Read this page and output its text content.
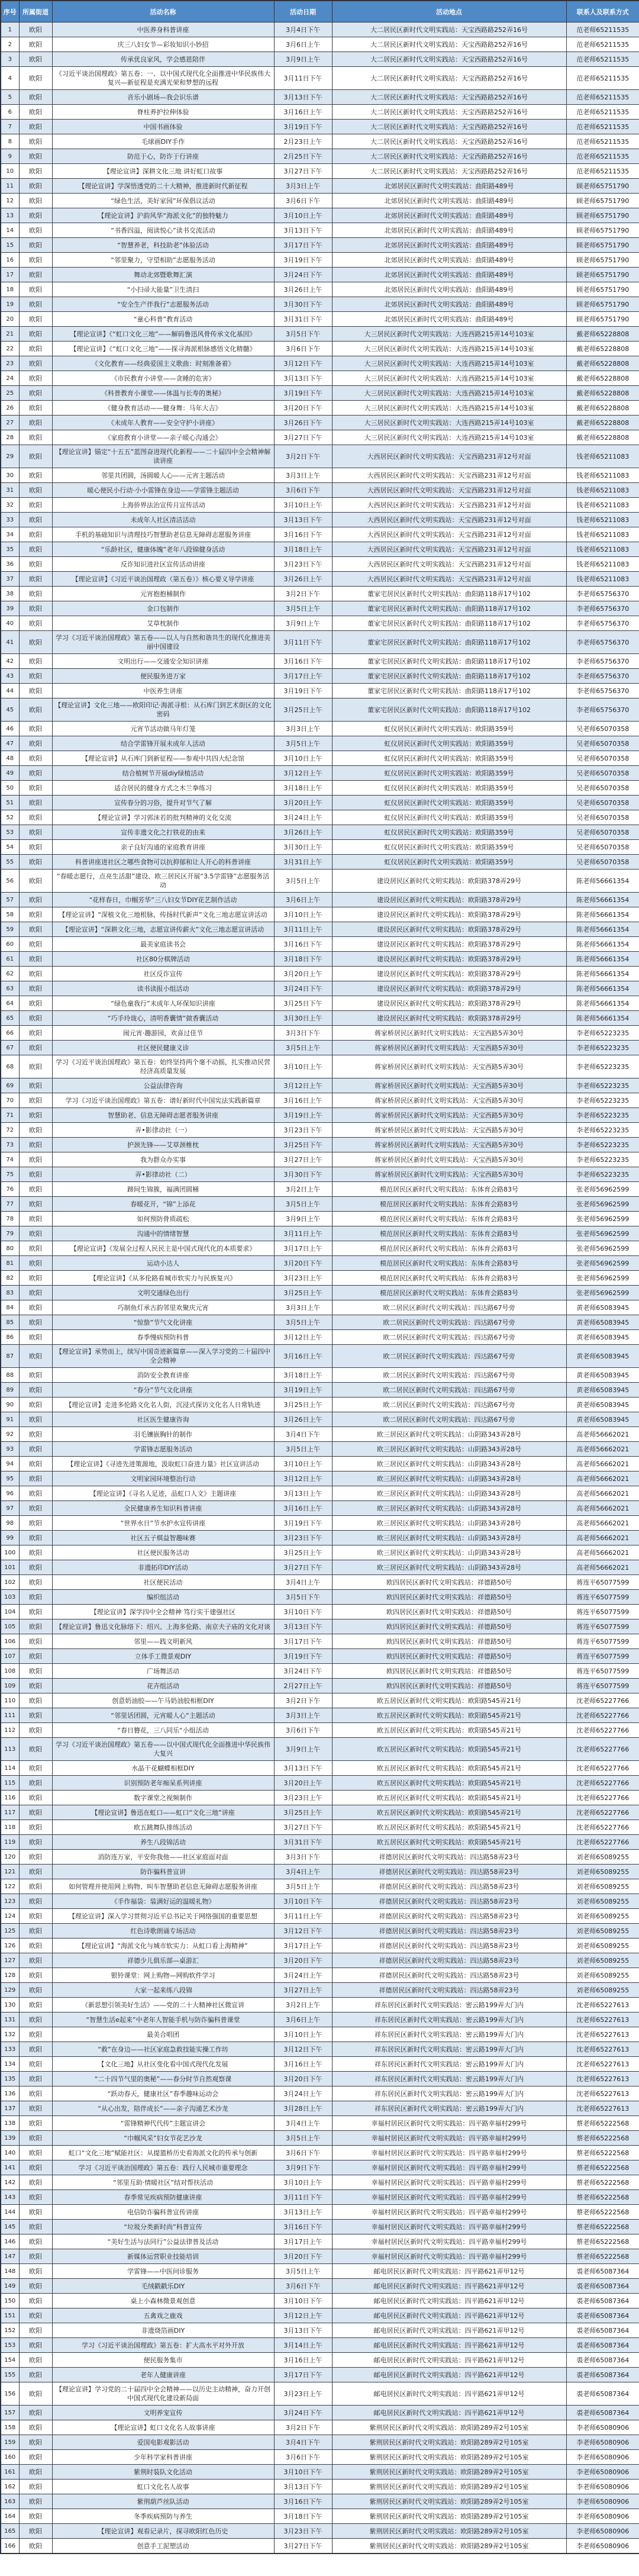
序号	所属街道	活动名称	活动日期	活动地点	联系人及联系方式
1	欧阳	中医养身科普讲座	3月4日下午	大二居民区新时代文明实践站：天宝西路路252弄16号	范老师65211535
2	欧阳	庆三八妇女节—彩妆知识小妙招	3月6日上午	大二居民区新时代文明实践站：天宝西路路252弄16号	范老师65211535
3	欧阳	传承优良家风，学会感恩陪伴	3月9日上午	大二居民区新时代文明实践站：天宝西路路252弄16号	范老师65211535
4	欧阳	《习近平谈治国理政》第五卷：一、以中国式现代化全面推进中华民族伟大复兴—新征程是充满光荣和梦想的远程	3月11日下午	大二居民区新时代文明实践站：天宝西路路252弄16号	范老师65211535
5	欧阳	音乐小剧场—我会识乐谱	3月13日下午	大二居民区新时代文明实践站：天宝西路路252弄16号	范老师65211535
6	欧阳	脊柱养护拉伸体验	3月16日上午	大二居民区新时代文明实践站：天宝西路路252弄16号	范老师65211535
7	欧阳	中国书画体验	3月19日下午	大二居民区新时代文明实践站：天宝西路路252弄16号	范老师65211535
8	欧阳	毛球画DIY手作	2月23日上午	大二居民区新时代文明实践站：天宝西路路252弄16号	范老师65211535
9	欧阳	防范于心，防诈于行讲座	2月25日下午	大二居民区新时代文明实践站：天宝西路路252弄16号	范老师65211535
10	欧阳	【理论宣讲】深耕文化三地 讲好虹口故事	3月27日下午	大二居民区新时代文明实践站：天宝西路路252弄16号	范老师65211535
11	欧阳	【理论宣讲】学深悟透党的二十大精神，推进新时代新征程	3月3日上午	北郊居民区新时代文明实践站：曲阳路489号	顾老师65751790
12	欧阳	“绿色生活，美好家园”环保倡议活动	3月6日下午	北郊居民区新时代文明实践站：曲阳路489号	顾老师65751790
13	欧阳	【理论宣讲】沪韵风华“海派文化”的独特魅力	3月10日上午	北郊居民区新时代文明实践站：曲阳路489号	顾老师65751790
14	欧阳	“书香四溢，阅读悦心”读书交流活动	3月13日下午	北郊居民区新时代文明实践站：曲阳路489号	顾老师65751790
15	欧阳	“智慧养老，科技助老”体验活动	3月17日下午	北郊居民区新时代文明实践站：曲阳路489号	顾老师65751790
16	欧阳	“邻里聚力，守望相助”志愿服务活动	3月19日下午	北郊居民区新时代文明实践站：曲阳路489号	顾老师65751790
17	欧阳	舞动北郊暨歌舞汇演	3月24日下午	北郊居民区新时代文明实践站：曲阳路489号	顾老师65751790
18	欧阳	“小扫帚大能量”卫生清扫	3月26日上午	北郊居民区新时代文明实践站：曲阳路489号	顾老师65751790
19	欧阳	“安全生产伴我行”志愿服务活动	3月30日下午	北郊居民区新时代文明实践站：曲阳路489号	顾老师65751790
20	欧阳	“童心科普”教育活动	3月31日下午	北郊居民区新时代文明实践站：曲阳路489号	顾老师65751790
21	欧阳	【理论宣讲】《“虹口文化三地”——解码鲁迅风骨传承文化基因》	3月5日下午	大三居民区新时代文明实践站：大连西路215弄14号103室	戴老师65228808
22	欧阳	【理论宣讲】《“虹口文化三地”——探寻海派根脉感悟文化精髓》	3月6日下午	大三居民区新时代文明实践站：大连西路215弄14号103室	戴老师65228808
23	欧阳	《文化教育——经典爱国主义歌曲：时刻准备着》	3月12日下午	大三居民区新时代文明实践站：大连西路215弄14号103室	戴老师65228808
24	欧阳	《市民教育小讲堂——贪睡的危害》	3月13日下午	大三居民区新时代文明实践站：大连西路215弄14号103室	戴老师65228808
25	欧阳	《科普教育小课堂——体温与长寿的奥秘》	3月19日下午	大三居民区新时代文明实践站：大连西路215弄14号103室	戴老师65228808
26	欧阳	《健身教育活动——健身舞：马年大吉》	3月20日下午	大三居民区新时代文明实践站：大连西路215弄14号103室	戴老师65228808
27	欧阳	《未成年人教育——安全守护小讲座》	3月26日下午	大三居民区新时代文明实践站：大连西路215弄14号103室	戴老师65228808
28	欧阳	《家庭教育小讲堂——亲子暖心沟通会》	3月27日下午	大三居民区新时代文明实践站：大连西路215弄14号103室	戴老师65228808
29	欧阳	【理论宣讲】锚定“十五五”蓝图奋进现代化新程——二十届四中全会精神解读讲座	3月2日下午	大西居民区新时代文明实践站：天宝西路231弄12号对面	钱老师65211083
30	欧阳	邻里共团圆，汤圆暖人心——元宵主题活动	3月3日上午	大西居民区新时代文明实践站：天宝西路231弄12号对面	钱老师65211083
31	欧阳	暖心便民小行动·小小雷锋在身边——学雷锋主题活动	3月6日下午	大西居民区新时代文明实践站：天宝西路231弄12号对面	钱老师65211083
32	欧阳	上海侨界法治宣传月宣传活动	3月10日上午	大西居民区新时代文明实践站：天宝西路231弄12号对面	钱老师65211083
33	欧阳	未成年人社区清洁活动	3月13日下午	大西居民区新时代文明实践站：天宝西路231弄12号对面	钱老师65211083
34	欧阳	手机的基础知识与清理技巧智慧助老信息无障碍志愿服务讲座	3月16日下午	大西居民区新时代文明实践站：天宝西路231弄12号对面	钱老师65211083
35	欧阳	“乐龄社区，健康体魄”老年八段锦健身活动	3月18日上午	大西居民区新时代文明实践站：天宝西路231弄12号对面	钱老师65211083
36	欧阳	反诈知识进社区宣传活动讲座	3月23日下午	大西居民区新时代文明实践站：天宝西路231弄12号对面	钱老师65211083
37	欧阳	【理论宣讲】《习近平谈治国理政（第五卷）》核心要义导学讲座	3月26日上午	大西居民区新时代文明实践站：天宝西路231弄12号对面	钱老师65211083
38	欧阳	元宵抱抱桶制作	3月2日下午	董家宅居民区新时代文明实践站：曲阳路118弄17号102	李老师65756370
39	欧阳	金口包制作	3月5日上午	董家宅居民区新时代文明实践站：曲阳路118弄17号102	李老师65756370
40	欧阳	艾草枕制作	3月9日上午	董家宅居民区新时代文明实践站：曲阳路118弄17号102	李老师65756370
41	欧阳	学习《习近平谈治国理政》第五卷——以人与自然和谐共生的现代化推进美丽中国建设	3月11日下午	董家宅居民区新时代文明实践站：曲阳路118弄17号102	李老师65756370
42	欧阳	文明出行——交通安全知识讲座	3月16日下午	董家宅居民区新时代文明实践站：曲阳路118弄17号102	李老师65756370
43	欧阳	便民服务进万家	3月17日上午	董家宅居民区新时代文明实践站：曲阳路118弄17号102	李老师65756370
44	欧阳	中医养生讲座	3月19日下午	董家宅居民区新时代文明实践站：曲阳路118弄17号102	李老师65756370
45	欧阳	【理论宣讲】文化三地——欧阳印记·海派寻根：从石库门到艺术街区的文化密码	3月25日上午	董家宅居民区新时代文明实践站：曲阳路118弄17号102	李老师65756370
46	欧阳	元宵节活动做马年灯笼	3月3日上午	虹仪居民区新时代文明实践站：欧阳路359号	吴老师65070358
47	欧阳	结合学雷锋开展未成年人活动	3月5日上午	虹仪居民区新时代文明实践站：欧阳路359号	吴老师65070358
48	欧阳	【理论宣讲】从石库门到新征程——参观中共四大纪念馆	3月10日上午	虹仪居民区新时代文明实践站：欧阳路359号	吴老师65070358
49	欧阳	结合植树节开展diy绿植活动	3月12日上午	虹仪居民区新时代文明实践站：欧阳路359号	吴老师65070358
50	欧阳	适合居民的健身方式之木兰拳练习	3月18日上午	虹仪居民区新时代文明实践站：欧阳路359号	吴老师65070358
51	欧阳	宣传春分的习俗，提升对节气了解	3月20日上午	虹仪居民区新时代文明实践站：欧阳路359号	吴老师65070358
52	欧阳	【理论宣讲】学习郭沫若的批判精神的文化交流	3月24日上午	虹仪居民区新时代文明实践站：欧阳路359号	吴老师65070358
53	欧阳	宣传非遗文化之打铁花的由来	3月26日上午	虹仪居民区新时代文明实践站：欧阳路359号	吴老师65070358
54	欧阳	亲子良好沟通的家庭教育讲座	3月30日上午	虹仪居民区新时代文明实践站：欧阳路359号	吴老师65070358
55	欧阳	科普讲座进社区之哪些食物可以抗抑郁和让人开心的科普讲座	3月31日上午	虹仪居民区新时代文明实践站：欧阳路359号	吴老师65070358
56	欧阳	“春暖志愿行，点亮生活甜”建设、欧三居民区开展“3.5学雷锋”志愿服务活动	3月5日上午	建设居民区新时代文明实践站：欧阳路378弄29号	陈老师56661354
57	欧阳	“花样春日，巾帼芳华”三八妇女节DIY花艺制作活动	3月6日上午	建设居民区新时代文明实践站：欧阳路378弄29号	陈老师56661354
58	欧阳	【理论宣讲】“深植文化三地根脉，传扬时代新声”文化三地志愿宣讲活动	3月10日上午	建设居民区新时代文明实践站：欧阳路378弄29号	陈老师56661354
59	欧阳	【理论宣讲】“深耕文化三地，志愿宣讲传薪火”文化三地志愿宣讲活动	3月11日上午	建设居民区新时代文明实践站：欧阳路378弄29号	陈老师56661354
60	欧阳	最美家庭读书会	3月16日下午	建设居民区新时代文明实践站：欧阳路378弄29号	陈老师56661354
61	欧阳	社区80分棋牌活动	3月18日下午	建设居民区新时代文明实践站：欧阳路378弄29号	陈老师56661354
62	欧阳	社区反诈宣传	3月20日上午	建设居民区新时代文明实践站：欧阳路378弄29号	陈老师56661354
63	欧阳	读书读报小组活动	3月24日下午	建设居民区新时代文明实践站：欧阳路378弄29号	陈老师56661354
64	欧阳	“绿色童我行”未成年人环保知识讲座	3月25日下午	建设居民区新时代文明实践站：欧阳路378弄29号	陈老师56661354
65	欧阳	“巧手玲珑心，清明香囊情”做香囊活动	3月30日上午	建设居民区新时代文明实践站：欧阳路378弄29号	陈老师56661354
66	欧阳	闹元宵·趣游园，欢喜过佳节	3月3日下午	蒋家桥居民区新时代文明实践站：天宝西路5弄30号	李老师65223235
67	欧阳	社区便民健康义诊	3月5日上午	蒋家桥居民区新时代文明实践站：天宝西路5弄30号	李老师65223235
68	欧阳	学习《习近平谈治国理政》第五卷：始终坚持两个毫不动摇，扎实推动民营经济高质量发展	3月10日上午	蒋家桥居民区新时代文明实践站：天宝西路5弄30号	李老师65223235
69	欧阳	公益法律咨询	3月12日上午	蒋家桥居民区新时代文明实践站：天宝西路5弄30号	李老师65223235
70	欧阳	学习《习近平谈治国理政》第五卷：谱好新时代中国宪法实践新篇章	3月16日上午	蒋家桥居民区新时代文明实践站：天宝西路5弄30号	李老师65223235
71	欧阳	智慧助老、信息无障碍志愿者服务讲座	3月19日上午	蒋家桥居民区新时代文明实践站：天宝西路5弄30号	李老师65223235
72	欧阳	弄•影律动社（一）	3月23日下午	蒋家桥居民区新时代文明实践站：天宝西路5弄30号	李老师65223235
73	欧阳	护颈先锋——艾草颈椎枕	3月25日下午	蒋家桥居民区新时代文明实践站：天宝西路5弄30号	李老师65223235
74	欧阳	我为群众办实事	3月27日上午	蒋家桥居民区新时代文明实践站：天宝西路5弄30号	李老师65223235
75	欧阳	弄•影律动社（二）	3月30日下午	蒋家桥居民区新时代文明实践站：天宝西路5弄30号	李老师65223235
76	欧阳	蹄间生锦簇，福满团圆桶	3月2日上午	模范居民区新时代文明实践站：东体育会路83号	张老师56962599
77	欧阳	春暖花开，“锦”上添花	3月5日上午	模范居民区新时代文明实践站：东体育会路83号	张老师56962599
78	欧阳	如何预防骨质疏松	3月9日上午	模范居民区新时代文明实践站：东体育会路83号	张老师56962599
79	欧阳	沟通中的情绪智慧	3月11日上午	模范居民区新时代文明实践站：东体育会路83号	张老师56962599
80	欧阳	【理论宣讲】《发展全过程人民民主是中国式现代化的本质要求》	3月17日上午	模范居民区新时代文明实践站：东体育会路83号	张老师56962599
81	欧阳	运动小达人	3月20日下午	模范居民区新时代文明实践站：东体育会路83号	张老师56962599
82	欧阳	【理论宣讲】《从多伦路看城市软实力与民族复兴》	3月23日上午	模范居民区新时代文明实践站：东体育会路83号	张老师56962599
83	欧阳	文明交通绿色出行	3月25日上午	模范居民区新时代文明实践站：东体育会路83号	张老师56962599
84	欧阳	巧制鱼灯承古韵邻里欢聚庆元宵	3月3日上午	欧二居民区新时代文明实践站：四达路67号旁	黄老师65083945
85	欧阳	“惊蛰”节气文化讲座	3月5日上午	欧二居民区新时代文明实践站：四达路67号旁	黄老师65083945
86	欧阳	春季慢病预防科普	3月12日上午	欧二居民区新时代文明实践站：四达路67号旁	黄老师65083945
87	欧阳	【理论宣讲】承势而上，续写中国奇迹新篇章——深入学习党的二十届四中全会精神	3月16日上午	欧二居民区新时代文明实践站：四达路67号旁	黄老师65083945
88	欧阳	消防安全教育讲座	3月18日上午	欧二居民区新时代文明实践站：四达路67号旁	黄老师65083945
89	欧阳	“春分”节气文化讲座	3月19日上午	欧二居民区新时代文明实践站：四达路67号旁	黄老师65083945
90	欧阳	【理论宣讲】走进多伦路文化名人街，沉浸式探访文化名人日常轨迹	3月25日上午	欧二居民区新时代文明实践站：四达路67号旁	黄老师65083945
91	欧阳	社区医生健康咨询	3月26日上午	欧二居民区新时代文明实践站：四达路67号旁	黄老师65083945
92	欧阳	羽毛镶嵌胸针的制作	3月4日下午	欧三居民区新时代文明实践站：山阴路343弄28号	高老师56662021
93	欧阳	学雷锋志愿服务活动	3月5日上午	欧三居民区新时代文明实践站：山阴路343弄28号	高老师56662021
94	欧阳	【理论宣讲】《寻迹先进策源地，汲取虹口奋进力量》社区宣讲活动	3月10日上午	欧三居民区新时代文明实践站：山阴路343弄28号	高老师56662021
95	欧阳	文明家园环境整治行动	3月12日上午	欧三居民区新时代文明实践站：山阴路343弄28号	高老师56662021
96	欧阳	【理论宣讲】《寻名人足迹，品虹口人文》主题讲座	3月13日上午	欧三居民区新时代文明实践站：山阴路343弄28号	高老师56662021
97	欧阳	全民健康养生知识科普讲座	3月16日上午	欧三居民区新时代文明实践站：山阴路343弄28号	高老师56662021
98	欧阳	“世界水日”节水护水宣传讲座	3月19日下午	欧三居民区新时代文明实践站：山阴路343弄28号	高老师56662021
99	欧阳	社区五子棋益智趣味赛	3月23日下午	欧三居民区新时代文明实践站：山阴路343弄28号	高老师56662021
100	欧阳	社区便民服务活动	3月25日上午	欧三居民区新时代文明实践站：山阴路343弄28号	高老师56662021
101	欧阳	非遗拓印DIY活动	3月27日下午	欧三居民区新时代文明实践站：山阴路343弄28号	高老师56662021
102	欧阳	社区便民活动	3月4日上午	欧四居民区新时代文明实践站：祥德路50号	蒋连平65077599
103	欧阳	编织组活动	3月5日下午	欧四居民区新时代文明实践站：祥德路50号	蒋连平65077599
104	欧阳	【理论宣讲】深学四中全会精神 笃行实干建强社区	3月10日下午	欧四居民区新时代文明实践站：祥德路50号	蒋连平65077599
105	欧阳	【理论宣讲】鲁迅文化脉络下：绍兴、上海多伦路、南京夫子庙的文化对谈	3月13日下午	欧四居民区新时代文明实践站：祥德路50号	蒋连平65077599
106	欧阳	邻里——践文明新风	3月17日下午	欧四居民区新时代文明实践站：祥德路50号	蒋连平65077599
107	欧阳	立体手工微景观DIY	3月19日下午	欧四居民区新时代文明实践站：祥德路50号	蒋连平65077599
108	欧阳	广场舞活动	3月24日下午	欧四居民区新时代文明实践站：祥德路50号	蒋连平65077599
109	欧阳	花卉组活动	2月27日上午	欧四居民区新时代文明实践站：祥德路50号	蒋连平65077599
110	欧阳	创意奶油胶——午马奶油胶相框DIY	3月2日下午	欧五居民区新时代文明实践站：欧阳路545弄21号	沈老师65227766
111	欧阳	“邻里话团圆，元宵暖人心“主题活动	3月3日上午	欧五居民区新时代文明实践站：欧阳路545弄21号	沈老师65227766
112	欧阳	“春日簪花，三八同乐“小组活动	3月6日下午	欧五居民区新时代文明实践站：欧阳路545弄21号	沈老师65227766
113	欧阳	学习《习近平谈治国理政》第五卷——以中国式现代化全面推进中华民族伟大复兴	3月9日上午	欧五居民区新时代文明实践站：欧阳路545弄21号	沈老师65227766
114	欧阳	水晶干花蝴蝶相框DIY	3月13日下午	欧五居民区新时代文明实践站：欧阳路545弄21号	沈老师65227766
115	欧阳	识别预防老年痴呆系列讲座	3月20日上午	欧五居民区新时代文明实践站：欧阳路545弄21号	沈老师65227766
116	欧阳	数字课堂之视频制作	3月23日上午	欧五居民区新时代文明实践站：欧阳路545弄21号	沈老师65227766
117	欧阳	【理论宣讲】鲁迅在虹口——虹口“文化三地”讲座	3月25日上午	欧五居民区新时代文明实践站：欧阳路545弄21号	沈老师65227766
118	欧阳	欧五跳舞队排练活动	3月27日下午	欧五居民区新时代文明实践站：欧阳路545弄21号	沈老师65227766
119	欧阳	养生八段锦活动	3月31日下午	欧五居民区新时代文明实践站：欧阳路545弄21号	沈老师65227766
120	欧阳	消防连万家，平安你我他——社区家庭面对面	3月3日下午	祥德居民区新时代文明实践站：四达路58弄23号	刘老师65089255
121	欧阳	防诈骗科普宣讲	3月4日上午	祥德居民区新时代文明实践站：四达路58弄23号	刘老师65089255
122	欧阳	如何管理并使用网上购物、叫车智慧助老信息无障碍志愿服务讲座	3月5日上午	祥德居民区新时代文明实践站：四达路58弄23号	刘老师65089255
123	欧阳	《手作福袋：装满好运的温暖礼物》	3月10日下午	祥德居民区新时代文明实践站：四达路58弄23号	刘老师65089255
124	欧阳	【理论宣讲】深入学习贯彻习近平总书记关于网络强国的重要思想	3月11日上午	祥德居民区新时代文明实践站：四达路58弄23号	刘老师65089255
125	欧阳	红色诗歌朗诵专场活动	3月12日下午	祥德居民区新时代文明实践站：四达路58弄23号	刘老师65089255
126	欧阳	【理论宣讲】“海派文化与城市软实力：从虹口看上海精神”	3月17日上午	祥德居民区新时代文明实践站：四达路58弄23号	刘老师65089255
127	欧阳	祥德少儿俱乐部—桌游汇	3月20日下午	祥德居民区新时代文明实践站：四达路58弄23号	刘老师65089255
128	欧阳	银铃课堂：网上购物—网购软件学习	3月24日上午	祥德居民区新时代文明实践站：四达路58弄23号	刘老师65089255
129	欧阳	大家一起来练八段锦	3月27日上午	祥德居民区新时代文明实践站：四达路58弄23号	刘老师65089255
130	欧阳	《新思想引领美好生活》——党的二十大精神社区微宣讲	3月2日上午	祥东居民区新时代文明实践站：密云路199弄大门内	沈老师65227613
131	欧阳	“智慧生活e起来”中老年人智能手机与防诈骗科普课堂	3月6日上午	祥东居民区新时代文明实践站：密云路199弄大门内	沈老师65227613
132	欧阳	最美合唱团	3月10日上午	祥东居民区新时代文明实践站：密云路199弄大门内	沈老师65227613
133	欧阳	“救”在身边——社区家庭急救技能实操工作坊	3月12日下午	祥东居民区新时代文明实践站：密云路199弄大门内	沈老师65227613
134	欧阳	【文化三地】从社区变化看中国式现代化发展	3月16日上午	祥东居民区新时代文明实践站：密云路199弄大门内	沈老师65227613
135	欧阳	“二十四节气里的奥秘”——春分时节自然观察课	3月20日下午	祥东居民区新时代文明实践站：密云路199弄大门内	沈老师65227613
136	欧阳	“跃动春天，健康社区”春季趣味运动会	3月24日上午	祥东居民区新时代文明实践站：密云路199弄大门内	沈老师65227613
137	欧阳	“从心出发，陪伴成长”——亲子沟通艺术沙龙	3月28日上午	祥东居民区新时代文明实践站：密云路199弄大门内	沈老师65227613
138	欧阳	“雷锋精神代代传”主题宣讲会	3月4日上午	幸福村居民区新时代文明实践站：四平路幸福村299号	蔡老师65222568
139	欧阳	“巾帼风采”妇女节花艺沙龙	3月5日上午	幸福村居民区新时代文明实践站：四平路幸福村299号	蔡老师65222568
140	欧阳	虹口“文化三地”赋能社区：从提篮桥历史看海派文化的传承与创新	3月6日下午	幸福村居民区新时代文明实践站：四平路幸福村299号	蔡老师65222568
141	欧阳	学习《习近平谈治国理政》第五卷：践行人民城市重要理念	3月9日下午	幸福村居民区新时代文明实践站：四平路幸福村299号	蔡老师65222568
142	欧阳	“邻里互助·情暖社区”结对帮扶活动	3月10日上午	幸福村居民区新时代文明实践站：四平路幸福村299号	蔡老师65222568
143	欧阳	春季常见疾病预防健康讲座	3月11日下午	幸福村居民区新时代文明实践站：四平路幸福村299号	蔡老师65222568
144	欧阳	电信防诈骗科普宣传讲座	3月13日上午	幸福村居民区新时代文明实践站：四平路幸福村299号	蔡老师65222568
145	欧阳	“垃圾分类新时尚”科普宣传	3月16日下午	幸福村居民区新时代文明实践站：四平路幸福村299号	蔡老师65222568
146	欧阳	“美好生活与法同行”公益法律普及活动	3月17日上午	幸福村居民区新时代文明实践站：四平路幸福村299号	蔡老师65222568
147	欧阳	新媒体运营职业技能培训	3月20日下午	幸福村居民区新时代文明实践站：四平路幸福村299号	蔡老师65222568
148	欧阳	学雷锋——中医问诊服务	3月5日上午	邮电居民区新时代文明实践站：四平路621弄甲12号	裘老师65087364
149	欧阳	毛绒戳戳乐DIY	3月6日下午	邮电居民区新时代文明实践站：四平路621弄甲12号	裘老师65087364
150	欧阳	桌上小森林微景观创意	3月10日下午	邮电居民区新时代文明实践站：四平路621弄甲12号	裘老师65087364
151	欧阳	五禽戏之鹿戏	3月12日上午	邮电居民区新时代文明实践站：四平路621弄甲12号	裘老师65087364
152	欧阳	非遗烧箔画DIY	3月13日下午	邮电居民区新时代文明实践站：四平路621弄甲12号	裘老师65087364
153	欧阳	学习《习近平谈治国理政》第五卷：扩大高水平对外开放	3月14日上午	邮电居民区新时代文明实践站：四平路621弄甲12号	裘老师65087364
154	欧阳	便民服务集市	3月16日上午	邮电居民区新时代文明实践站：四平路621弄甲12号	裘老师65087364
155	欧阳	老年人健康讲座	3月17日下午	邮电居民区新时代文明实践站：四平路621弄甲12号	裘老师65087364
156	欧阳	【理论宣讲】学习党的二十届四中全会精神——以历史主动精神，奋力开创中国式现代化建设新局面	3月23日上午	邮电居民区新时代文明实践站：四平路621弄甲12号	裘老师65087364
157	欧阳	文明养宠宣传	3月24日下午	邮电居民区新时代文明实践站：四平路621弄甲12号	裘老师65087364
158	欧阳	【理论宣讲】虹口文化名人故事讲座	3月2日下午	紫荆居民区新时代文明实践站：欧阳路289弄2号105室	李老师65080906
159	欧阳	爱国电影观影活动	3月4日下午	紫荆居民区新时代文明实践站：欧阳路289弄2号105室	李老师65080906
160	欧阳	少年科学家科普讲座	3月6日下午	紫荆居民区新时代文明实践站：欧阳路289弄2号105室	李老师65080906
161	欧阳	紫荆时装队文化活动	3月10日下午	紫荆居民区新时代文明实践站：欧阳路289弄2号105室	李老师65080906
162	欧阳	虹口文化名人故事	3月13日下午	紫荆居民区新时代文明实践站：欧阳路289弄2号105室	李老师65080906
163	欧阳	紫荆葫芦丝队活动	3月16日下午	紫荆居民区新时代文明实践站：欧阳路289弄2号105室	李老师65080906
164	欧阳	冬季疾病预防与养生	3月18日下午	紫荆居民区新时代文明实践站：欧阳路289弄2号105室	李老师65080906
165	欧阳	【理论宣讲】观看记录片，探寻欧阳红色历史	3月23日下午	紫荆居民区新时代文明实践站：欧阳路289弄2号105室	李老师65080906
166	欧阳	创意手工泥塑活动	3月27日下午	紫荆居民区新时代文明实践站：欧阳路289弄2号105室	李老师65080906
